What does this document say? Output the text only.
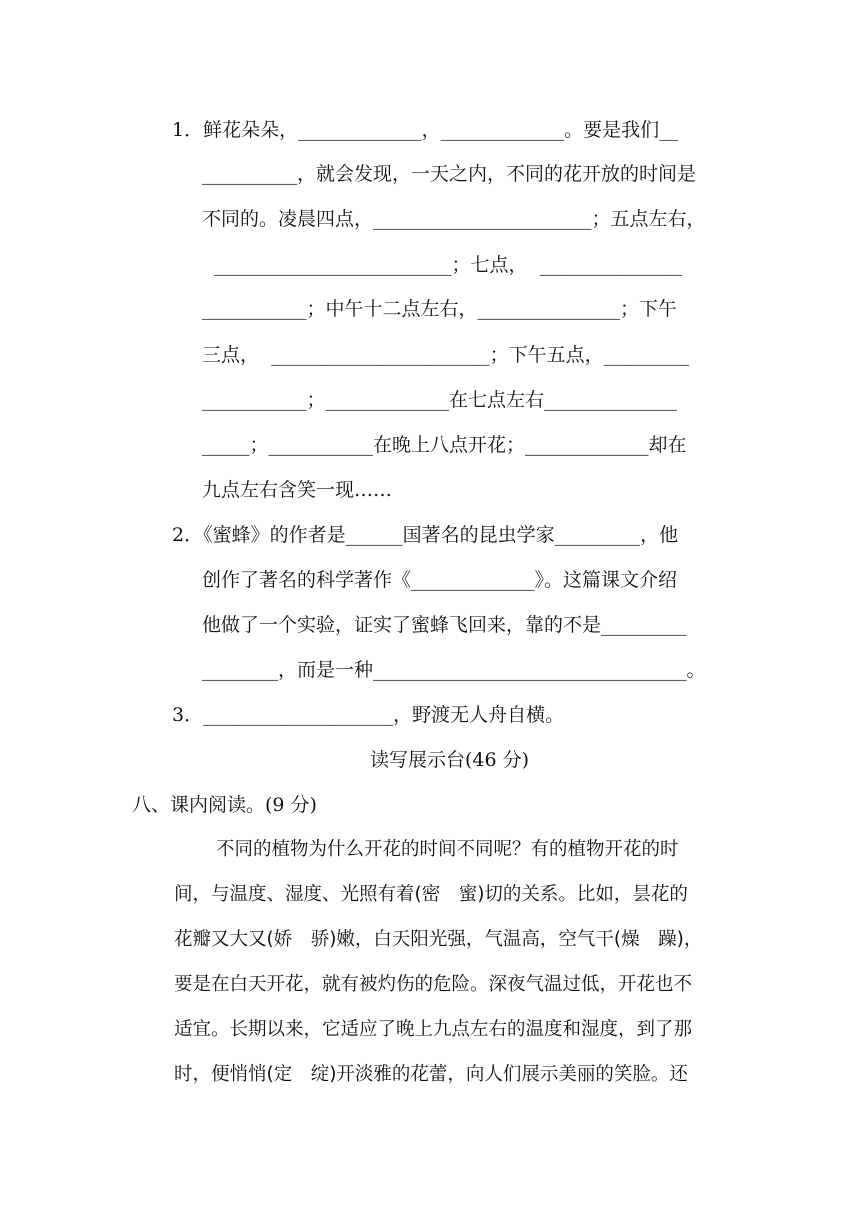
1．鲜花朵朵，_____________，_____________。要是我们__
__________，就会发现，一天之内，不同的花开放的时间是
不同的。凌晨四点，_______________________；五点左右，
_________________________；七点，  _______________
___________；中午十二点左右，_______________；下午
三点，  _______________________；下午五点，_________
___________；_____________在七点左右______________
_____；___________在晚上八点开花；_____________却在
九点左右含笑一现……
2．《蜜蜂》的作者是______国著名的昆虫学家_________，他
创作了著名的科学著作《_____________》。这篇课文介绍
他做了一个实验，证实了蜜蜂飞回来，靠的不是_________
________，而是一种_________________________________。
3．____________________，野渡无人舟自横。
读写展示台(46 分)
八、课内阅读。(9 分)
不同的植物为什么开花的时间不同呢？有的植物开花的时
间，与温度、湿度、光照有着(密　蜜)切的关系。比如，昙花的
花瓣又大又(娇　骄)嫩，白天阳光强，气温高，空气干(燥　躁)，
要是在白天开花，就有被灼伤的危险。深夜气温过低，开花也不
适宜。长期以来，它适应了晚上九点左右的温度和湿度，到了那
时，便悄悄(定　绽)开淡雅的花蕾，向人们展示美丽的笑脸。还
